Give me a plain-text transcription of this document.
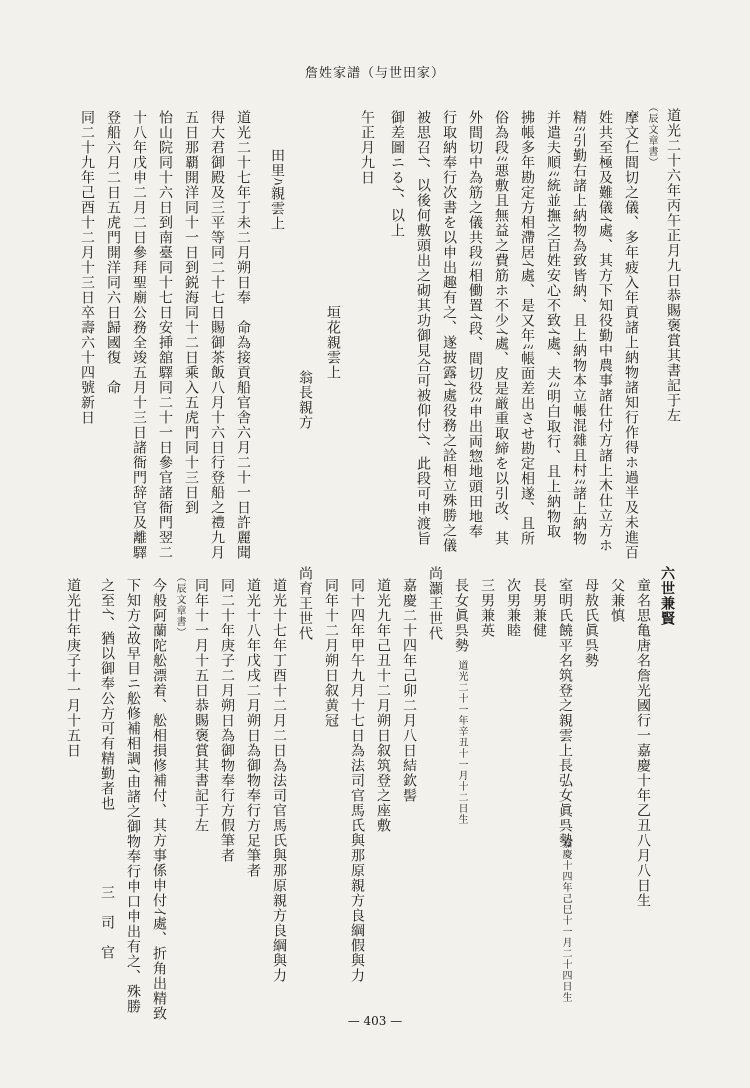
詹姓家譜（与世田家）
道光二十六年丙午正月九日恭賜褒賞其書記于左
（辰文章書）
摩文仁間切之儀、多年疲入年貢諸上納物諸知行作得ホ過半及未進百
姓共至極及難儀ｲ處、其方下知役勤中農事諸仕付方諸上木仕立方ホ
精ﾐ引勤右諸上納物為致皆納、且上納物本立帳混雜且村ﾐ諸上納物
并遣夫順ﾐ統並撫之百姓安心不致ｲ處、夫ﾐ明白取行、且上納物取
拂帳多年勘定方相滯居ｲ處、是又年ﾐ帳面差出させ勘定相遂、且所
俗為段ﾐ悪敷且無益之費筋ホ不少ｲ處、皮是厳重取締を以引改、其
外間切中為筋之儀共段ﾐ相働置ｲ段、間切役ﾐ申出両惣地頭田地奉
行取納奉行次書を以申出趣有之、遂披露ｲ處役務之詮相立殊勝之儀
被思召ｲ、以後何敷頭出之砌其功御見合可被仰付ｲ、此段可申渡旨
御差圖ニるｲ、以上
午正月九日
垣花親雲上
翁長親方
田里ﾊ親雲上
道光二十七年丁未二月朔日奉　命為接貢船官舎六月二十一日許麗聞
得大君御殿及三平等同二十七日賜御茶飯八月十六日行登船之禮九月
五日那覇開洋同十一日到鋭海同十二日乘入五虎門同十三日到
怡山院同十六日到南臺同十七日安挿舘驛同二十一日參官諸衙門翌二
十八年戊申二月二日參拜聖廟公務全竣五月十三日諸衙門辞官及離驛
登船六月二日五虎門開洋同六日歸國復　命
同二十九年己酉十二月十三日卒壽六十四號新日
六世兼賢
童名思亀唐名詹光國行一嘉慶十年乙丑八月八日生
父兼慎
母敖氏眞呉勢
室明氏饒平名筑登之親雲上長弘女眞呉勢
嘉慶十四年己巳十一月二十四日生
長男兼健
次男兼睦
三男兼英
長女眞呉勢
道光二十一年辛丑十一月十二日生
尚灝王世代
嘉慶二十四年己卯二月八日結欽髻
道光九年己丑十二月朔日叙筑登之座敷
同十四年甲午九月十七日為法司官馬氏與那原親方良綱假與力
同年十二月朔日叙黄冠
尚育王世代
道光十七年丁酉十二月二日為法司官馬氏與那原親方良綱與力
道光十八年戊戌二月朔日為御物奉行方足筆者
同二十年庚子二月朔日為御物奉行方假筆者
同年十一月十五日恭賜褒賞其書記于左
（辰文章書）
今般阿蘭陀舩漂着、舩相損修補付、其方事係申付ｲ處、折角出精致
下知方ｲ故早目ニ舩修補相調ｲ由諸之御物奉行申口申出有之、殊勝
之至ｲ、猶以御奉公方可有精勤者也
三　司　官
道光廿年庚子十一月十五日
— 403 —
